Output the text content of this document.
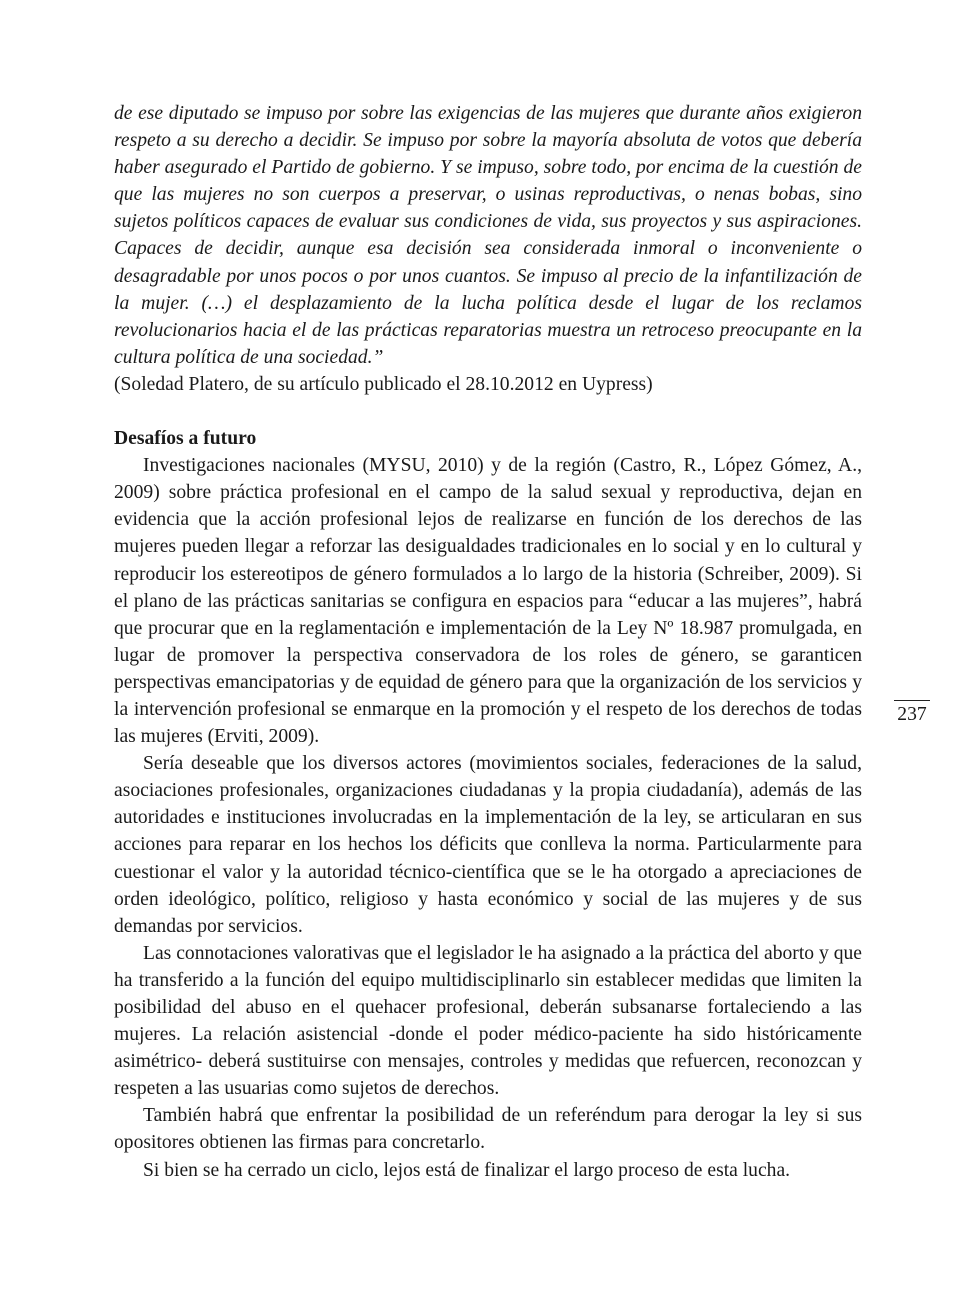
de ese diputado se impuso por sobre las exigencias de las mujeres que durante años exigieron respeto a su derecho a decidir. Se impuso por sobre la mayoría absoluta de votos que debería haber asegurado el Partido de gobierno. Y se impuso, sobre todo, por encima de la cuestión de que las mujeres no son cuerpos a preservar, o usinas reproductivas, o nenas bobas, sino sujetos políticos capaces de evaluar sus condiciones de vida, sus proyectos y sus aspiraciones. Capaces de decidir, aunque esa decisión sea considerada inmoral o inconveniente o desagradable por unos pocos o por unos cuantos. Se impuso al precio de la infantilización de la mujer. (…) el desplazamiento de la lucha política desde el lugar de los reclamos revolucionarios hacia el de las prácticas reparatorias muestra un retroceso preocupante en la cultura política de una sociedad.”

(Soledad Platero, de su artículo publicado el 28.10.2012 en Uypress)

Desafíos a futuro

Investigaciones nacionales (MYSU, 2010) y de la región (Castro, R., López Gómez, A., 2009) sobre práctica profesional en el campo de la salud sexual y reproductiva, dejan en evidencia que la acción profesional lejos de realizarse en función de los derechos de las mujeres pueden llegar a reforzar las desigualdades tradicionales en lo social y en lo cultural y reproducir los estereotipos de género formulados a lo largo de la historia (Schreiber, 2009). Si el plano de las prácticas sanitarias se configura en espacios para “educar a las mujeres”, habrá que procurar que en la reglamentación e implementación de la Ley Nº 18.987 promulgada, en lugar de promover la perspectiva conservadora de los roles de género, se garanticen perspectivas emancipatorias y de equidad de género para que la organización de los servicios y la intervención profesional se enmarque en la promoción y el respeto de los derechos de todas las mujeres (Erviti, 2009).

Sería deseable que los diversos actores (movimientos sociales, federaciones de la salud, asociaciones profesionales, organizaciones ciudadanas y la propia ciudadanía), además de las autoridades e instituciones involucradas en la implementación de la ley, se articularan en sus acciones para reparar en los hechos los déficits que conlleva la norma. Particularmente para cuestionar el valor y la autoridad técnico-científica que se le ha otorgado a apreciaciones de orden ideológico, político, religioso y hasta económico y social de las mujeres y de sus demandas por servicios.

Las connotaciones valorativas que el legislador le ha asignado a la práctica del aborto y que ha transferido a la función del equipo multidisciplinarlo sin establecer medidas que limiten la posibilidad del abuso en el quehacer profesional, deberán subsanarse fortaleciendo a las mujeres. La relación asistencial -donde el poder médico-paciente ha sido históricamente asimétrico- deberá sustituirse con mensajes, controles y medidas que refuercen, reconozcan y respeten a las usuarias como sujetos de derechos.

También habrá que enfrentar la posibilidad de un referéndum para derogar la ley si sus opositores obtienen las firmas para concretarlo.

Si bien se ha cerrado un ciclo, lejos está de finalizar el largo proceso de esta lucha.

237
